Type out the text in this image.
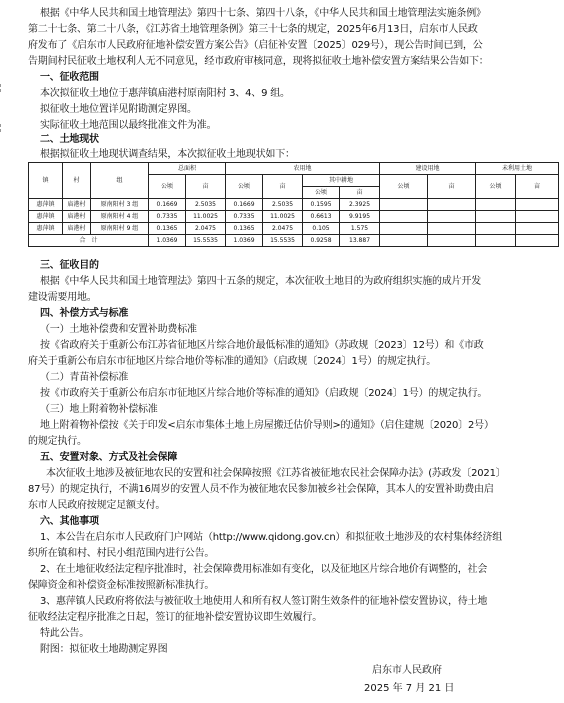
根据《中华人民共和国土地管理法》第四十七条、第四十八条，《中华人民共和国土地管理法实施条例》
第二十七条、第二十八条，《江苏省土地管理条例》第三十七条的规定，2025年6月13日，启东市人民政
府发布了《启东市人民政府征地补偿安置方案公告》（启征补安置〔2025〕029号），现公告时间已到，公
告期间村民征收土地权利人无不同意见，经市政府审核同意，现将拟征收土地补偿安置方案结果公告如下：
一、征收范围
本次拟征收土地位于惠萍镇庙港村原南阳村 3、4、9 组。
拟征收土地位置详见附勘测定界图。
实际征收土地范围以最终批准文件为准。
二、土地现状
根据拟征收土地现状调查结果，本次拟征收土地现状如下：
镇	村	组	总面积		农用地				建设用地		未利用土地	
			公顷	亩	公顷	亩	其中耕地		公顷	亩	公顷	亩
							公顷	亩				
惠萍镇	庙港村	原南阳村 3 组	0.1669	2.5035	0.1669	2.5035	0.1595	2.3925				
惠萍镇	庙港村	原南阳村 4 组	0.7335	11.0025	0.7335	11.0025	0.6613	9.9195				
惠萍镇	庙港村	原南阳村 9 组	0.1365	2.0475	0.1365	2.0475	0.105	1.575				
合　计			1.0369	15.5535	1.0369	15.5535	0.9258	13.887				
三、征收目的
根据《中华人民共和国土地管理法》第四十五条的规定，本次征收土地目的为政府组织实施的成片开发
建设需要用地。
四、补偿方式与标准
（一）土地补偿费和安置补助费标准
按《省政府关于重新公布江苏省征地区片综合地价最低标准的通知》（苏政规〔2023〕12号）和《市政
府关于重新公布启东市征地区片综合地价等标准的通知》（启政规〔2024〕1号）的规定执行。
（二）青苗补偿标准
按《市政府关于重新公布启东市征地区片综合地价等标准的通知》（启政规〔2024〕1号）的规定执行。
（三）地上附着物补偿标准
地上附着物补偿按《关于印发<启东市集体土地上房屋搬迁估价导则>的通知》（启住建规〔2020〕2号）
的规定执行。
五、安置对象、方式及社会保障
本次征收土地涉及被征地农民的安置和社会保障按照《江苏省被征地农民社会保障办法》(苏政发〔2021〕
87号）的规定执行，不满16周岁的安置人员不作为被征地农民参加被乡社会保障，其本人的安置补助费由启
东市人民政府按规定足额支付。
六、其他事项
1、本公告在启东市人民政府门户网站（http://www.qidong.gov.cn）和拟征收土地涉及的农村集体经济组
织所在镇和村、村民小组范围内进行公告。
2、在土地征收经法定程序批准时，社会保障费用标准如有变化，以及征地区片综合地价有调整的，社会
保障资金和补偿资金标准按照新标准执行。
3、惠萍镇人民政府将依法与被征收土地使用人和所有权人签订附生效条件的征地补偿安置协议，待土地
征收经法定程序批准之日起，签订的征地补偿安置协议即生效履行。
特此公告。
附图：拟征收土地勘测定界图
启东市人民政府
2025 年 7 月 21 日
